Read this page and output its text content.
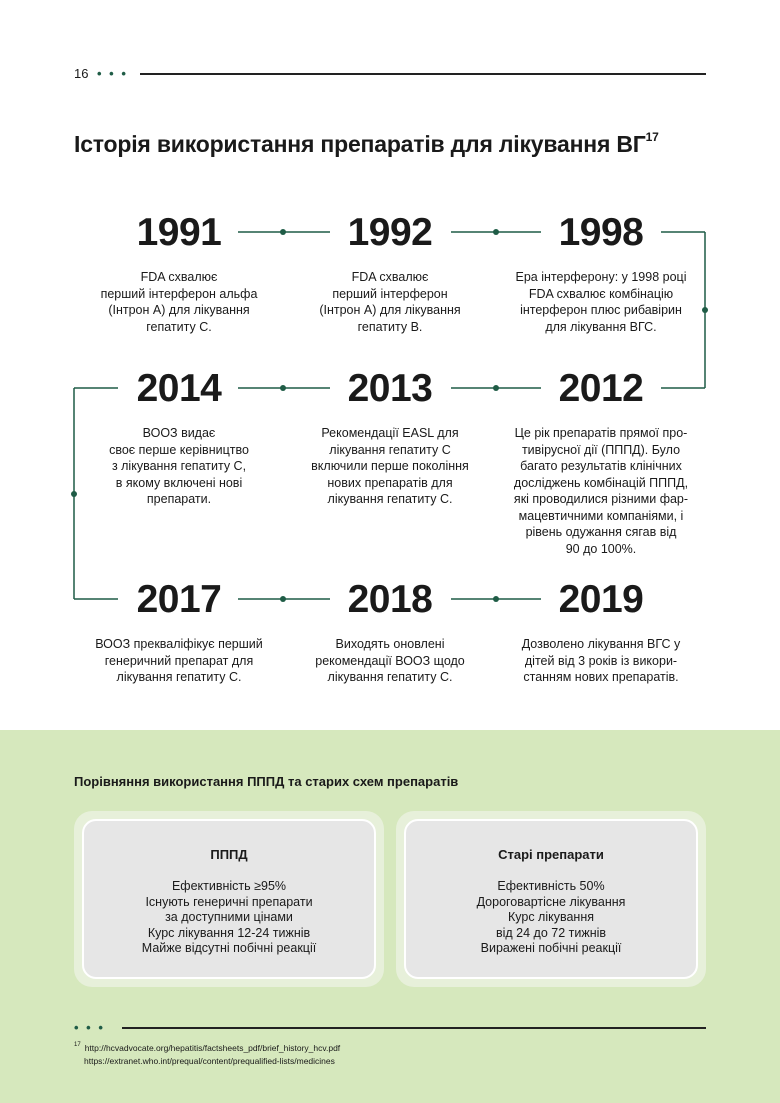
16 • • •
Історія використання препаратів для лікування ВГ$^{17}$
1991
FDA схвалює
перший інтерферон альфа
(Інтрон А) для лікування
гепатиту С.
1992
FDA схвалює
перший інтерферон
(Інтрон А) для лікування
гепатиту В.
1998
Ера інтерферону: у 1998 році
FDA схвалює комбінацію
інтерферон плюс рибавірин
для лікування ВГС.
2014
ВООЗ видає
своє перше керівництво
з лікування гепатиту С,
в якому включені нові
препарати.
2013
Рекомендації EASL для
лікування гепатиту С
включили перше покоління
нових препаратів для
лікування гепатиту С.
2012
Це рік препаратів прямої про-
тивірусної дії (ПППД). Було
багато результатів клінічних
досліджень комбінацій ПППД,
які проводилися різними фар-
мацевтичними компаніями, і
рівень одужання сягав від
90 до 100%.
2017
ВООЗ преквалiфікує перший
генеричний препарат для
лікування гепатиту С.
2018
Виходять оновлені
рекомендації ВООЗ щодо
лікування гепатиту С.
2019
Дозволено лікування ВГС у
дітей від 3 років із викори-
станням нових препаратів.
Порівняння використання ПППД та старих схем препаратів
ПППД
Ефективність ≥95%
Існують генеричні препарати
за доступними цінами
Курс лікування 12-24 тижнів
Майже відсутні побічні реакції
Старі препарати
Ефективність 50%
Дороговартісне лікування
Курс лікування
від 24 до 72 тижнів
Виражені побічні реакції
• • •
$^{17}$ http://hcvadvocate.org/hepatitis/factsheets_pdf/brief_history_hcv.pdf
https://extranet.who.int/prequal/content/prequalified-lists/medicines
